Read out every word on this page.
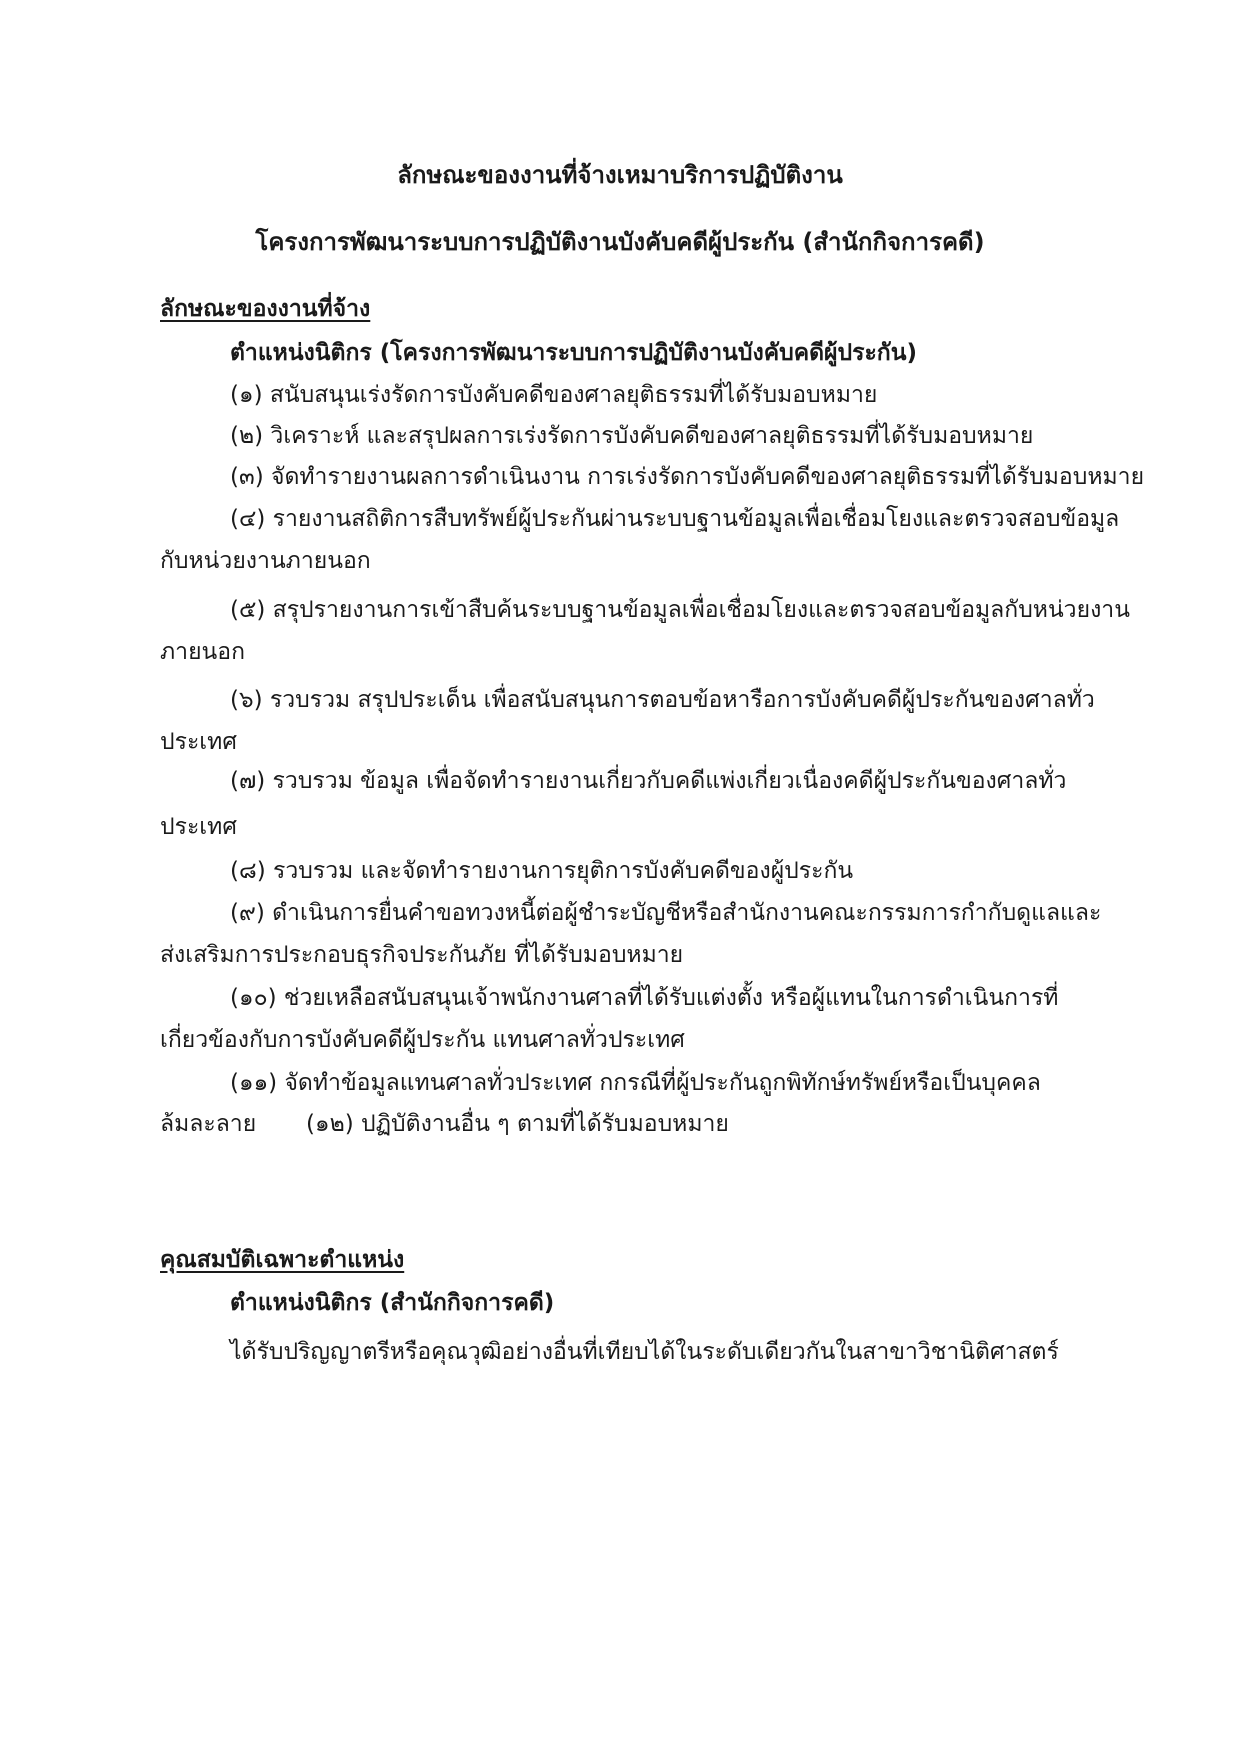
ลักษณะของงานที่จ้างเหมาบริการปฏิบัติงาน
โครงการพัฒนาระบบการปฏิบัติงานบังคับคดีผู้ประกัน (สำนักกิจการคดี)
ลักษณะของงานที่จ้าง
ตำแหน่งนิติกร (โครงการพัฒนาระบบการปฏิบัติงานบังคับคดีผู้ประกัน)
(๑) สนับสนุนเร่งรัดการบังคับคดีของศาลยุติธรรมที่ได้รับมอบหมาย
(๒) วิเคราะห์ และสรุปผลการเร่งรัดการบังคับคดีของศาลยุติธรรมที่ได้รับมอบหมาย
(๓) จัดทำรายงานผลการดำเนินงาน การเร่งรัดการบังคับคดีของศาลยุติธรรมที่ได้รับมอบหมาย
(๔) รายงานสถิติการสืบทรัพย์ผู้ประกันผ่านระบบฐานข้อมูลเพื่อเชื่อมโยงและตรวจสอบข้อมูล
กับหน่วยงานภายนอก
(๕) สรุปรายงานการเข้าสืบค้นระบบฐานข้อมูลเพื่อเชื่อมโยงและตรวจสอบข้อมูลกับหน่วยงาน
ภายนอก
(๖) รวบรวม สรุปประเด็น เพื่อสนับสนุนการตอบข้อหารือการบังคับคดีผู้ประกันของศาลทั่ว
ประเทศ
(๗) รวบรวม ข้อมูล เพื่อจัดทำรายงานเกี่ยวกับคดีแพ่งเกี่ยวเนื่องคดีผู้ประกันของศาลทั่ว
ประเทศ
(๘) รวบรวม และจัดทำรายงานการยุติการบังคับคดีของผู้ประกัน
(๙) ดำเนินการยื่นคำขอทวงหนี้ต่อผู้ชำระบัญชีหรือสำนักงานคณะกรรมการกำกับดูแลและ
ส่งเสริมการประกอบธุรกิจประกันภัย ที่ได้รับมอบหมาย
(๑๐) ช่วยเหลือสนับสนุนเจ้าพนักงานศาลที่ได้รับแต่งตั้ง หรือผู้แทนในการดำเนินการที่
เกี่ยวข้องกับการบังคับคดีผู้ประกัน แทนศาลทั่วประเทศ
(๑๑) จัดทำข้อมูลแทนศาลทั่วประเทศ กกรณีที่ผู้ประกันถูกพิทักษ์ทรัพย์หรือเป็นบุคคล
ล้มละลาย (๑๒) ปฏิบัติงานอื่น ๆ ตามที่ได้รับมอบหมาย
คุณสมบัติเฉพาะตำแหน่ง
ตำแหน่งนิติกร (สำนักกิจการคดี)
ได้รับปริญญาตรีหรือคุณวุฒิอย่างอื่นที่เทียบได้ในระดับเดียวกันในสาขาวิชานิติศาสตร์
